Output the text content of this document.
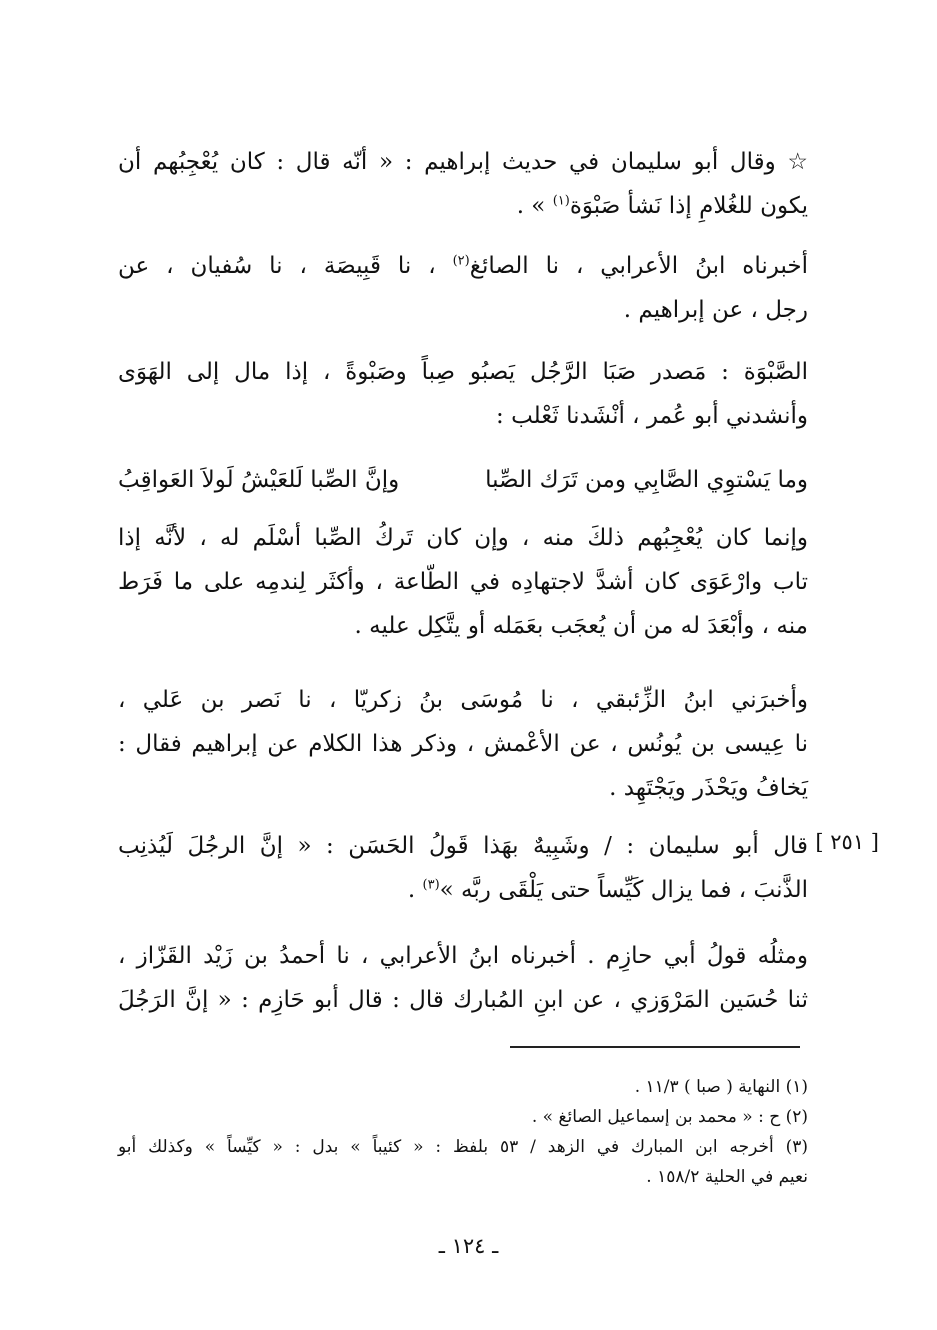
☆ وقال أبو سليمان في حديث إبراهيم : « أنّه قال : كان يُعْجِبُهم أن
يكون للغُلامِ إذا نَشأ صَبْوَة$^{(١)}$ » .
أخبرناه ابنُ الأعرابي ، نا الصائغ$^{(٢)}$ ، نا قَبِيصَة ، نا سُفيان ، عن
رجل ، عن إبراهيم .
الصَّبْوَة : مَصدر صَبَا الرَّجُل يَصبُو صِباً وصَبْوةً ، إذا مال إلى الهَوَى
وأنشدني أبو عُمر ، أنْشَدنا ثَعْلب :
وما يَسْتوِي الصَّابِي ومن تَرَك الصِّبا
وإنَّ الصِّبا لَلعَيْشُ لَولاَ العَواقِبُ
وإنما كان يُعْجِبُهم ذلكَ منه ، وإن كان تَركُ الصِّبا أسْلَم له ، لأنَّه إذا
تاب وارْعَوَى كان أشدَّ لاجتهادِه في الطّاعة ، وأكثَر لِندمِه على ما فَرَط
منه ، وأبْعَدَ له من أن يُعجَب بعَمَله أو يتَّكِل عليه .
وأخبرَني ابنُ الزِّئبقي ، نا مُوسَى بنُ زكريّا ، نا نَصر بن عَلي ،
نا عِيسى بن يُونُس ، عن الأعْمش ، وذكر هذا الكلام عن إبراهيم فقال :
يَخافُ ويَحْذَر ويَجْتَهِد .
[ ٢٥١ ]
قال أبو سليمان : / وشَبِيهٌ بهَذا قَولُ الحَسَن : « إنَّ الرجُلَ لَيُذنِب
الذَّنبَ ، فما يزال كَيِّساً حتى يَلْقَى ربَّه »$^{(٣)}$ .
ومثلُه قولُ أبي حازِم . أخبرناه ابنُ الأعرابي ، نا أحمدُ بن زَيْد القَزّاز ،
ثنا حُسَين المَرْوَزي ، عن ابنِ المُبارك قال : قال أبو حَازِم : « إنَّ الرَجُلَ
(١) النهاية ( صبا ) ١١/٣ .
(٢) ح : « محمد بن إسماعيل الصائغ » .
(٣) أخرجه ابن المبارك في الزهد / ٥٣ بلفظ : « كئيباً » بدل : « كيِّساً » وكذلك أبو
نعيم في الحلية ١٥٨/٢ .
ـ ١٢٤ ـ
